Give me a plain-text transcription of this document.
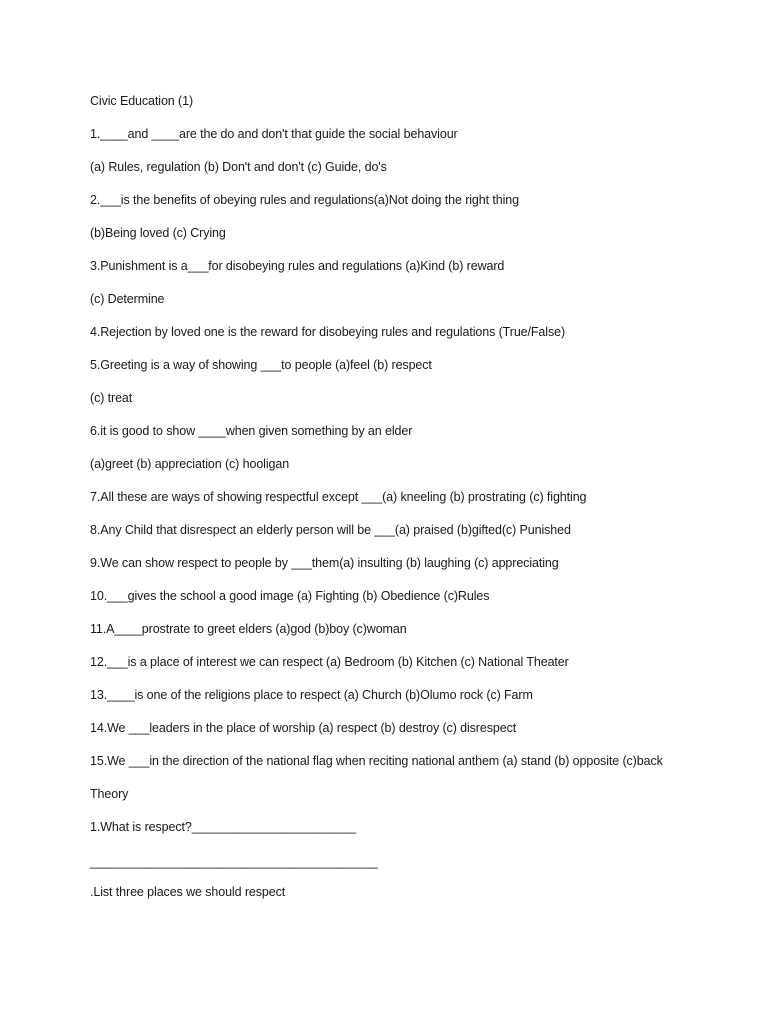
Civic Education (1)
1.____and ____are the do and don't that guide the social behaviour
(a) Rules, regulation (b) Don't and don't (c) Guide, do's
2.___is the benefits of obeying rules and regulations(a)Not doing the right thing
(b)Being loved (c) Crying
3.Punishment is a___for disobeying rules and regulations (a)Kind (b) reward
(c) Determine
4.Rejection by loved one is the reward for disobeying rules and regulations (True/False)
5.Greeting is a way of showing ___to people (a)feel (b) respect
(c) treat
6.it is good to show ____when given something by an elder
(a)greet (b) appreciation (c) hooligan
7.All these are ways of showing respectful except ___(a) kneeling (b) prostrating (c) fighting
8.Any Child that disrespect an elderly person will be ___(a) praised (b)gifted(c) Punished
9.We can show respect to people by ___them(a) insulting (b) laughing (c) appreciating
10.___gives the school a good image (a) Fighting (b) Obedience (c)Rules
11.A____prostrate to greet elders (a)god (b)boy (c)woman
12.___is a place of interest we can respect (a) Bedroom (b) Kitchen (c) National Theater
13.____is one of the religions place to respect (a) Church (b)Olumo rock (c) Farm
14.We ___leaders in the place of worship (a) respect (b) destroy (c) disrespect
15.We ___in the direction of the national flag when reciting national anthem (a) stand (b) opposite (c)back
Theory
1.What is respect?________________________
__________________________________________
.List three places we should respect
